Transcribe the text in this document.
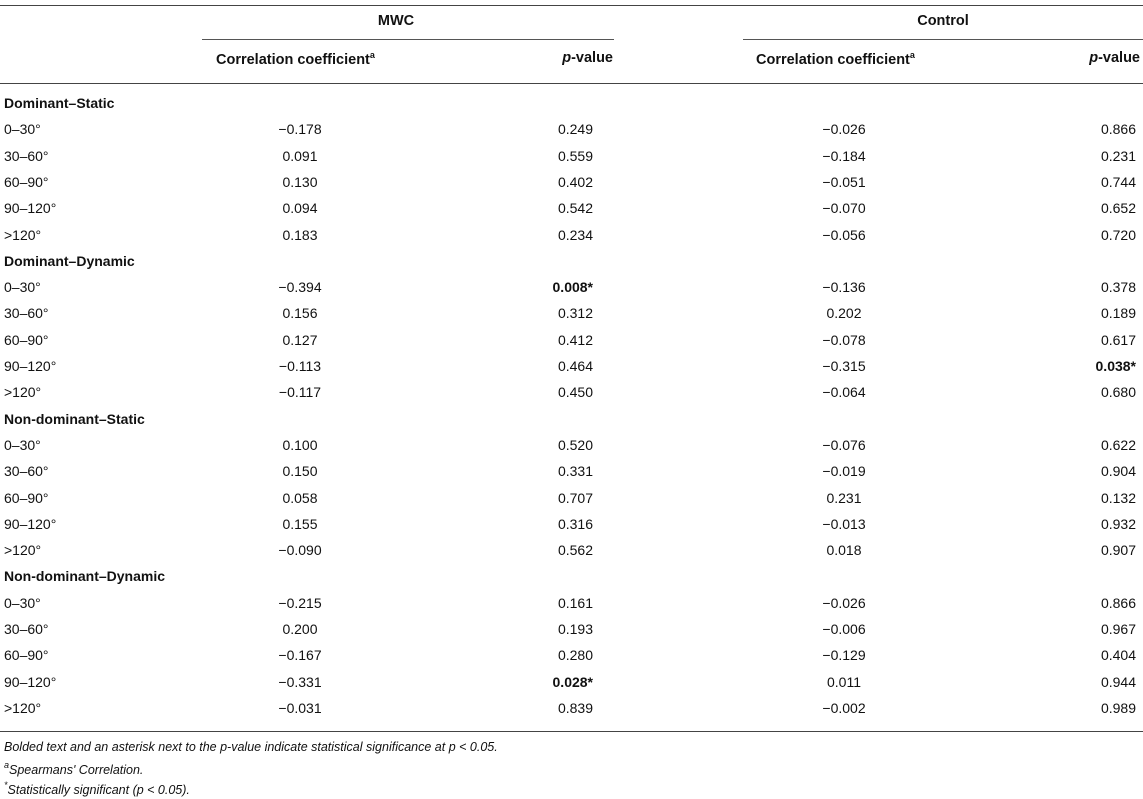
MWC	Control
Correlation coefficient$^a$	p-value	Correlation coefficient$^a$	p-value
Dominant–Static
0–30°	−0.178	0.249	−0.026	0.866
30–60°	0.091	0.559	−0.184	0.231
60–90°	0.130	0.402	−0.051	0.744
90–120°	0.094	0.542	−0.070	0.652
>120°	0.183	0.234	−0.056	0.720
Dominant–Dynamic
0–30°	−0.394	0.008*	−0.136	0.378
30–60°	0.156	0.312	0.202	0.189
60–90°	0.127	0.412	−0.078	0.617
90–120°	−0.113	0.464	−0.315	0.038*
>120°	−0.117	0.450	−0.064	0.680
Non-dominant–Static
0–30°	0.100	0.520	−0.076	0.622
30–60°	0.150	0.331	−0.019	0.904
60–90°	0.058	0.707	0.231	0.132
90–120°	0.155	0.316	−0.013	0.932
>120°	−0.090	0.562	0.018	0.907
Non-dominant–Dynamic
0–30°	−0.215	0.161	−0.026	0.866
30–60°	0.200	0.193	−0.006	0.967
60–90°	−0.167	0.280	−0.129	0.404
90–120°	−0.331	0.028*	0.011	0.944
>120°	−0.031	0.839	−0.002	0.989
Bolded text and an asterisk next to the p-value indicate statistical significance at p < 0.05.
$^a$Spearmans' Correlation.
*Statistically significant (p < 0.05).
